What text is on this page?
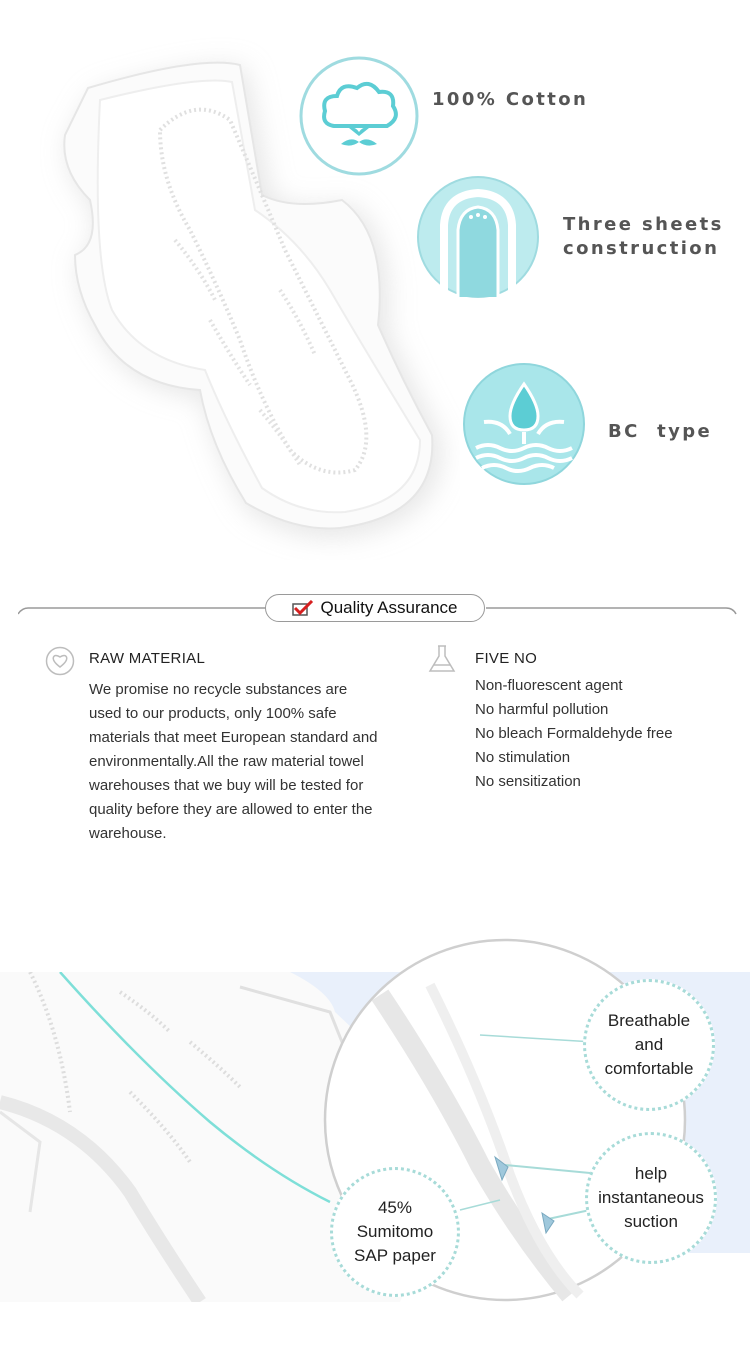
100% Cotton
Three sheets
construction
BC  type
Quality Assurance
RAW MATERIAL
We promise no recycle substances are used to our products, only 100% safe materials that meet European standard and environmentally.All the raw material towel warehouses that we buy will be tested for quality before they are allowed to enter the warehouse.
FIVE NO
Non-fluorescent agent
No harmful pollution
No bleach Formaldehyde free
No stimulation
No sensitization
Breathable
and
comfortable
help
instantaneous
suction
45%
Sumitomo
SAP paper
